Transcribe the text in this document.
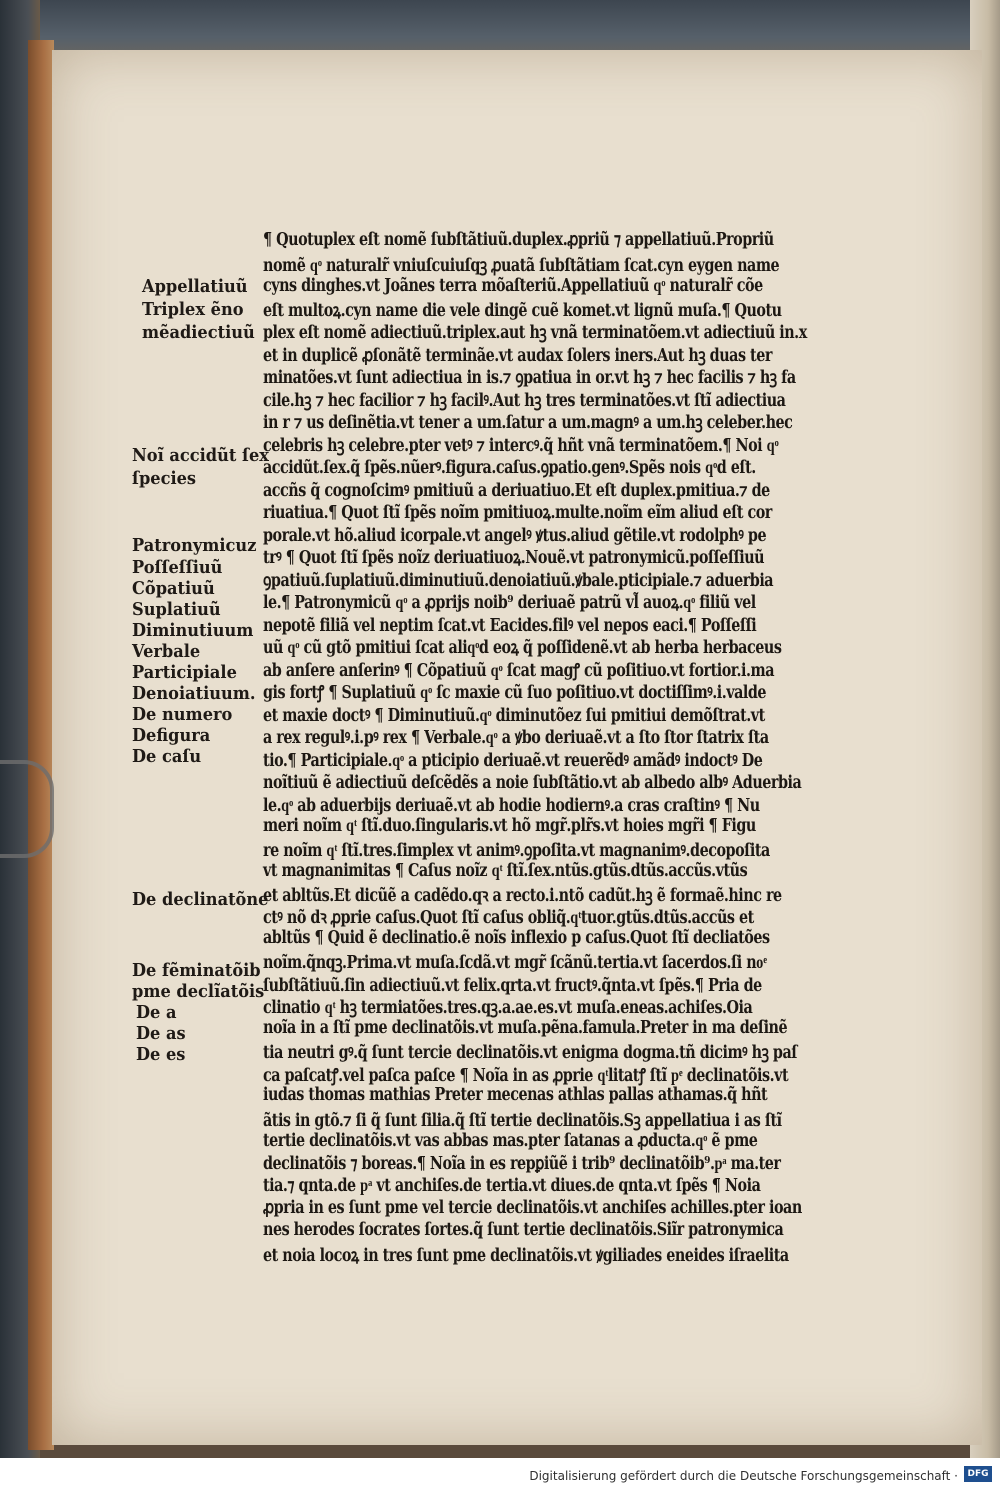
Appellatiuũ
Triplex ẽno
mẽadiectiuũ
Noĩ accidũt ſex
ſpecies
Patronymicuz
Poſſeſſiuũ
Cõpatiuũ
Suplatiuũ
Diminutiuum
Verbale
Participiale
Denoiatiuum.
De numero
Defigura
De caſu
De declinatõne
De fẽminatõib
pme declĩatõis
De a
De as
De es
¶ Quotuplex eſt nomẽ ſubſtãtiuũ.duplex.ꝓpriũ ⁊ appellatiuũ.Propriũ
nomẽ qͦ naturalr̃ vniuſcuiuſqꝫ ꝓuatã ſubſtãtiam ſcat.cyn eygen name
cyns dinghes.vt Joãnes terra mõaſteriũ.Appellatiuũ qͦ naturalr̃ cõe
eſt multoꝝ.cyn name die vele dingẽ cuẽ komet.vt lignũ muſa.¶ Quotu
plex eſt nomẽ adiectiuũ.triplex.aut hꝫ vnã terminatõem.vt adiectiuũ in.x
et in duplicẽ ꝓſonãtẽ terminãe.vt audax ſolers iners.Aut hꝫ duas ter
minatões.vt ſunt adiectiua in is.⁊ ꝯpatiua in or.vt hꝫ ⁊ hec facilis ⁊ hꝫ fa
cile.hꝫ ⁊ hec facilior ⁊ hꝫ facilꝰ.Aut hꝫ tres terminatões.vt ſtĩ adiectiua
in r ⁊ us deſinẽtia.vt tener a um.ſatur a um.magnꝰ a um.hꝫ celeber.hec
celebris hꝫ celebre.pter vetꝰ ⁊ intercꝰ.q̃ hñt vnã terminatõem.¶ Noi qͦ
accidũt.ſex.q̃ ſpẽs.nũerꝰ.figura.caſus.ꝯpatio.genꝰ.Spẽs nois qͦd eſt.
accñs q̃ cognoſcimꝰ pmitiuũ a deriuatiuo.Et eſt duplex.pmitiua.⁊ de
riuatiua.¶ Quot ſtĩ ſpẽs noĩm pmitiuoꝝ.multe.noĩm eĩm aliud eſt cor
porale.vt hõ.aliud icorpale.vt angelꝰ ꝟtus.aliud gẽtile.vt rodolphꝰ pe
trꝰ ¶ Quot ſtĩ ſpẽs noĩz deriuatiuoꝝ.Nouẽ.vt patronymicũ.poſſeſſiuũ
ꝯpatiuũ.ſuplatiuũ.diminutiuũ.denoiatiuũ.ꝟbale.pticipiale.⁊ aduerbia
le.¶ Patronymicũ qͦ a ꝓprijs noib⁹ deriuaẽ patrũ vl̃ auoꝝ.qͦ filiũ vel
nepotẽ filiã vel neptim ſcat.vt Eacides.filꝰ vel nepos eaci.¶ Poſſeſſi
uũ qͦ cũ gtõ pmitiui ſcat aliqͦd eoꝝ q̃ poſſidenẽ.vt ab herba herbaceus
ab anſere anſerinꝰ ¶ Cõpatiuũ qͦ ſcat magꝭ cũ poſitiuo.vt fortior.i.ma
gis fortꝭ ¶ Suplatiuũ qͦ ſc maxie cũ ſuo poſitiuo.vt doctiſſimꝰ.i.valde
et maxie doctꝰ ¶ Diminutiuũ.qͦ diminutõez ſui pmitiui demõſtrat.vt
a rex regulꝰ.i.pꝰ rex ¶ Verbale.qͦ a ꝟbo deriuaẽ.vt a ſto ſtor ſtatrix ſta
tio.¶ Participiale.qͦ a pticipio deriuaẽ.vt reuerẽdꝰ amãdꝰ indoctꝰ De
noĩtiuũ ẽ adiectiuũ deſcẽdẽs a noie ſubſtãtio.vt ab albedo albꝰ Aduerbia
le.qͦ ab aduerbijs deriuaẽ.vt ab hodie hodiernꝰ.a cras craſtinꝰ ¶ Nu
meri noĩm qͭ ſtĩ.duo.ſingularis.vt hõ mgr̃.plr̃s.vt hoies mgr̃i ¶ Figu
re noĩm qͭ ſtĩ.tres.ſimplex vt animꝰ.ꝯpoſita.vt magnanimꝰ.decopoſita
vt magnanimitas ¶ Caſus noĩz qͭ ſtĩ.ſex.ntũs.gtũs.dtũs.accũs.vtũs
et abltũs.Et dicũẽ a cadẽdo.qꝛ a recto.i.ntõ cadũt.hꝫ ẽ formaẽ.hinc re
ctꝰ nõ dꝛ ꝓprie caſus.Quot ſtĩ caſus obliq̃.qͭtuor.gtũs.dtũs.accũs et
abltũs ¶ Quid ẽ declinatio.ẽ noĩs inflexio p caſus.Quot ſtĩ decliatões
noĩm.q̃nqꝫ.Prima.vt muſa.ſcdã.vt mgr̃ ſcãnũ.tertia.vt ſacerdos.ſi noͤ
ſubſtãtiuũ.ſin adiectiuũ.vt felix.qrta.vt fructꝰ.q̃nta.vt ſpẽs.¶ Pria de
clinatio qͭ hꝫ termiatões.tres.qꝫ.a.ae.es.vt muſa.eneas.achiſes.Oia
noĩa in a ſtĩ pme declinatõis.vt muſa.pẽna.famula.Preter in ma deſinẽ
tia neutri gꝰ.q̃ ſunt tercie declinatõis.vt enigma dogma.tñ dicimꝰ hꝫ paſ
ca paſcatꝭ.vel paſca paſce ¶ Noĩa in as ꝓprie qͭlitatꝭ ſtĩ pͤ declinatõis.vt
iudas thomas mathias Preter mecenas athlas pallas athamas.q̃ hñt
ãtis in gtõ.⁊ ſi q̃ ſunt ſilia.q̃ ſtĩ tertie declinatõis.Sꝫ appellatiua i as ſtĩ
tertie declinatõis.vt vas abbas mas.pter ſatanas a ꝓducta.qͦ ẽ pme
declinatõis ⁊ boreas.¶ Noĩa in es repꝑiũẽ i trib⁹ declinatõib⁹.pͣ ma.ter
tia.⁊ qnta.de pͣ vt anchiſes.de tertia.vt diues.de qnta.vt ſpẽs ¶ Noia
ꝓpria in es ſunt pme vel tercie declinatõis.vt anchiſes achilles.pter ioan
nes herodes ſocrates ſortes.q̃ ſunt tertie declinatõis.Siĩr patronymica
et noia locoꝝ in tres ſunt pme declinatõis.vt ꝟgiliades eneides iſraelita
Digitalisierung gefördert durch die Deutsche Forschungsgemeinschaft ·	DFG
